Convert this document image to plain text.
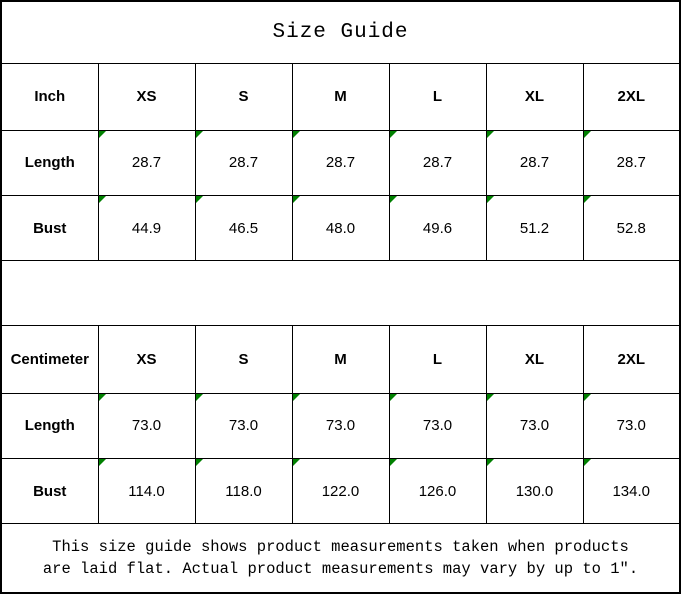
Size Guide						
Inch	XS	S	M	L	XL	2XL
Length	28.7	28.7	28.7	28.7	28.7	28.7
Bust	44.9	46.5	48.0	49.6	51.2	52.8

Centimeter	XS	S	M	L	XL	2XL
Length	73.0	73.0	73.0	73.0	73.0	73.0
Bust	114.0	118.0	122.0	126.0	130.0	134.0

This size guide shows product measurements taken when products
are laid flat. Actual product measurements may vary by up to 1″.						
